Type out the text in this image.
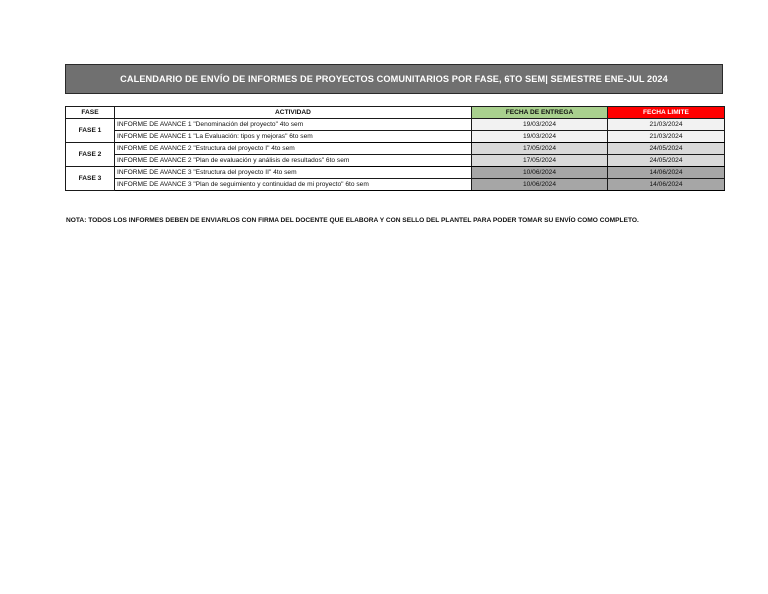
CALENDARIO DE ENVÍO DE INFORMES DE PROYECTOS COMUNITARIOS POR FASE, 6TO SEM| SEMESTRE ENE-JUL 2024
FASE	ACTIVIDAD	FECHA DE ENTREGA	FECHA LIMITE
FASE 1	INFORME DE AVANCE 1 "Denominación del proyecto" 4to sem	19/03/2024	21/03/2024
	INFORME DE AVANCE 1 "La Evaluación: tipos y mejoras" 6to sem	19/03/2024	21/03/2024
FASE 2	INFORME DE AVANCE 2 "Estructura del proyecto I" 4to sem	17/05/2024	24/05/2024
	INFORME DE AVANCE 2 "Plan de evaluación y análisis de resultados" 6to sem	17/05/2024	24/05/2024
FASE 3	INFORME DE AVANCE 3 "Estructura del proyecto II" 4to sem	10/06/2024	14/06/2024
	INFORME DE AVANCE 3 "Plan de seguimiento y continuidad de mi proyecto" 6to sem	10/06/2024	14/06/2024
NOTA: TODOS LOS INFORMES DEBEN DE ENVIARLOS CON FIRMA DEL DOCENTE QUE ELABORA Y CON SELLO DEL PLANTEL PARA PODER TOMAR SU ENVÍO COMO COMPLETO.
